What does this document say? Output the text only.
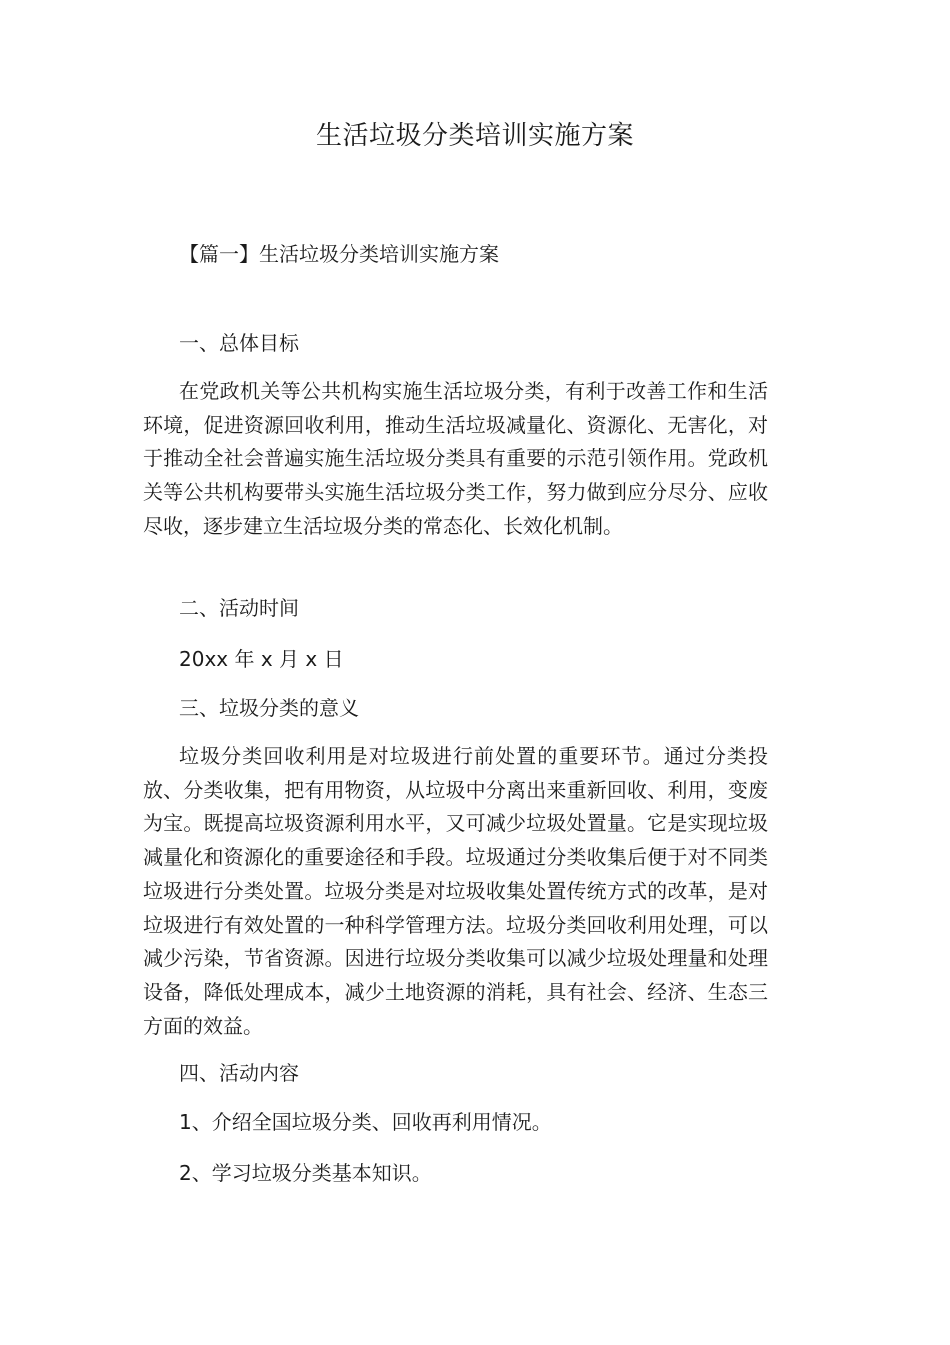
生活垃圾分类培训实施方案
【篇一】生活垃圾分类培训实施方案
一、总体目标

在党政机关等公共机构实施生活垃圾分类，有利于改善工作和生活环境，促进资源回收利用，推动生活垃圾减量化、资源化、无害化，对于推动全社会普遍实施生活垃圾分类具有重要的示范引领作用。党政机关等公共机构要带头实施生活垃圾分类工作，努力做到应分尽分、应收尽收，逐步建立生活垃圾分类的常态化、长效化机制。

二、活动时间
20xx 年 x 月 x 日
三、垃圾分类的意义

垃圾分类回收利用是对垃圾进行前处置的重要环节。通过分类投放、分类收集，把有用物资，从垃圾中分离出来重新回收、利用，变废为宝。既提高垃圾资源利用水平，又可减少垃圾处置量。它是实现垃圾减量化和资源化的重要途径和手段。垃圾通过分类收集后便于对不同类垃圾进行分类处置。垃圾分类是对垃圾收集处置传统方式的改革，是对垃圾进行有效处置的一种科学管理方法。垃圾分类回收利用处理，可以减少污染，节省资源。因进行垃圾分类收集可以减少垃圾处理量和处理设备，降低处理成本，减少土地资源的消耗，具有社会、经济、生态三方面的效益。

四、活动内容
1、介绍全国垃圾分类、回收再利用情况。
2、学习垃圾分类基本知识。
